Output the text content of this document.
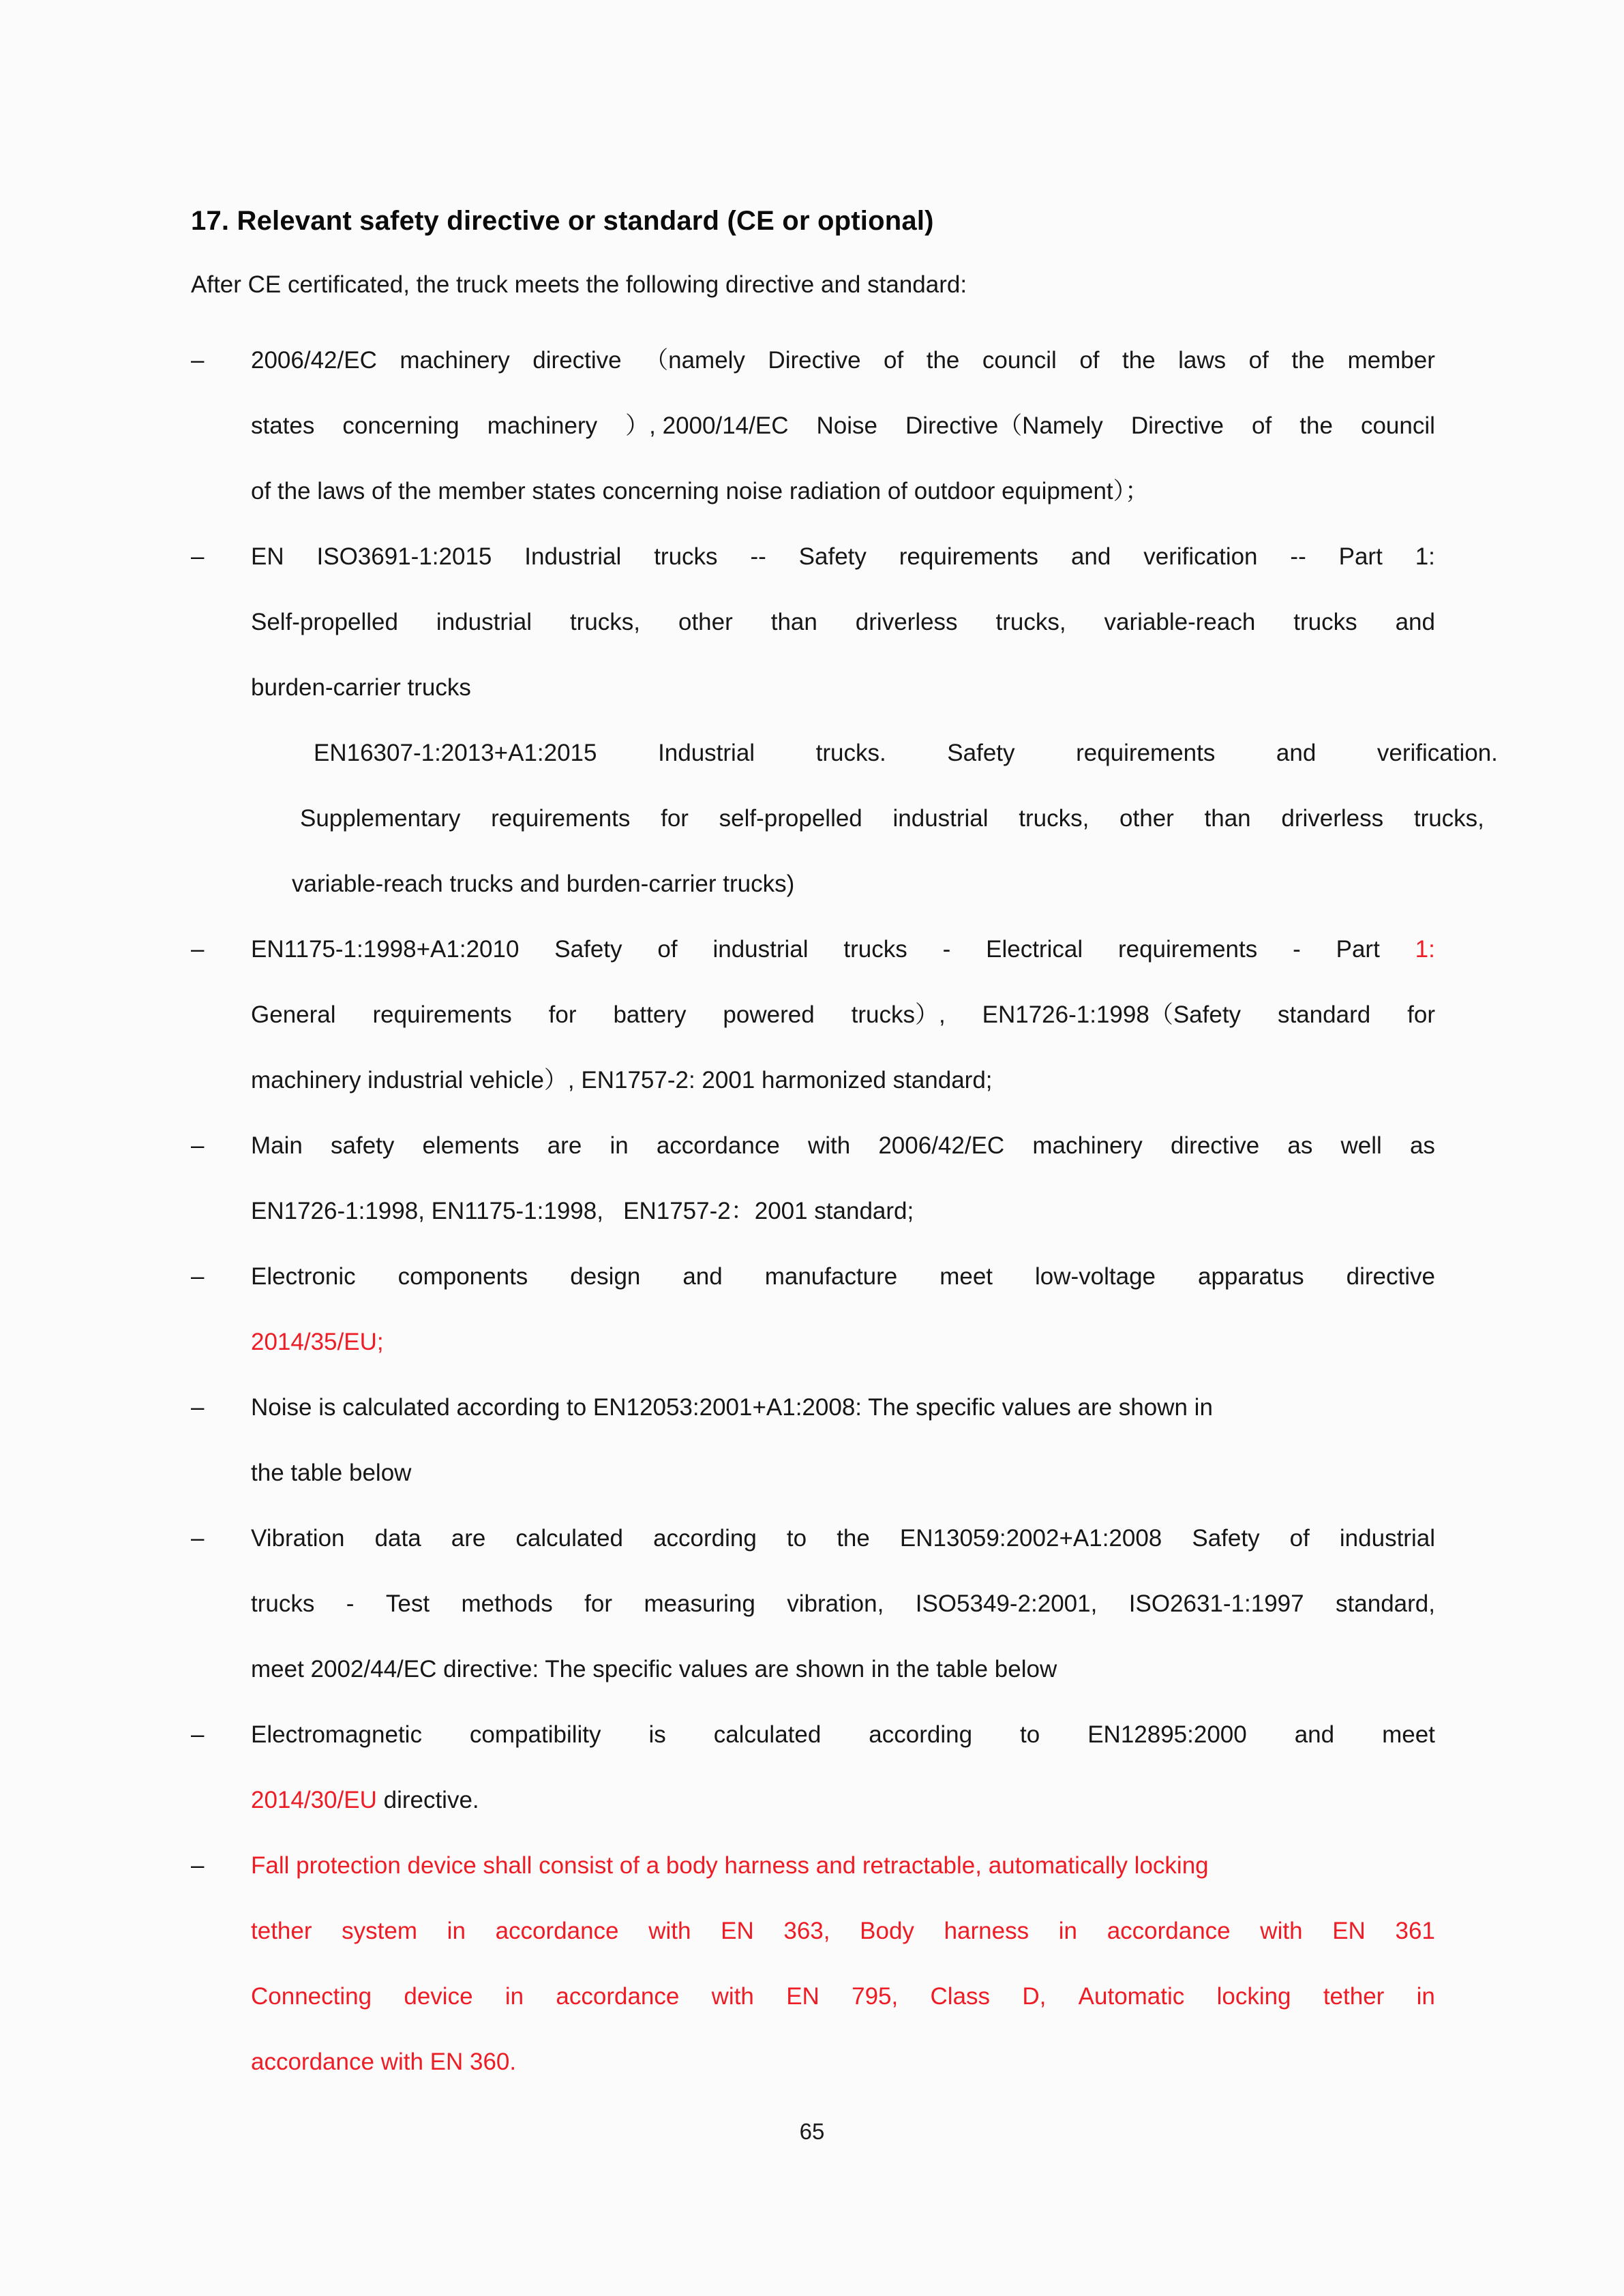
17. Relevant safety directive or standard (CE or optional)

After CE certificated, the truck meets the following directive and standard:

–	2006/42/EC machinery directive （namely Directive of the council of the laws of the member
states concerning machinery ）, 2000/14/EC Noise Directive（Namely Directive of the council
of the laws of the member states concerning noise radiation of outdoor equipment）；
–	EN ISO3691-1:2015 Industrial trucks -- Safety requirements and verification -- Part 1:
Self-propelled industrial trucks, other than driverless trucks, variable-reach trucks and
burden-carrier trucks
EN16307-1:2013+A1:2015	Industrial	trucks.	Safety	requirements	and	verification.
Supplementary requirements for self-propelled industrial trucks, other than driverless trucks,
variable-reach trucks and burden-carrier trucks)
–	EN1175-1:1998+A1:2010 Safety of industrial trucks - Electrical requirements - Part 1:
General requirements for battery powered trucks）, EN1726-1:1998（Safety standard for
machinery industrial vehicle）, EN1757-2: 2001 harmonized standard;
–	Main safety elements are in accordance with 2006/42/EC machinery directive as well as
EN1726-1:1998, EN1175-1:1998,   EN1757-2：2001 standard;
–	Electronic components design and manufacture meet low-voltage apparatus directive
2014/35/EU;
–	Noise is calculated according to EN12053:2001+A1:2008: The specific values are shown in
the table below
–	Vibration data are calculated according to the EN13059:2002+A1:2008 Safety of industrial
trucks - Test methods for measuring vibration, ISO5349-2:2001, ISO2631-1:1997 standard,
meet 2002/44/EC directive: The specific values are shown in the table below
–	Electromagnetic compatibility is calculated according to EN12895:2000 and meet
2014/30/EU directive.
–	Fall protection device shall consist of a body harness and retractable, automatically locking
tether system in accordance with EN 363, Body harness in accordance with EN 361
Connecting device in accordance with EN 795, Class D, Automatic locking tether in
accordance with EN 360.
65
